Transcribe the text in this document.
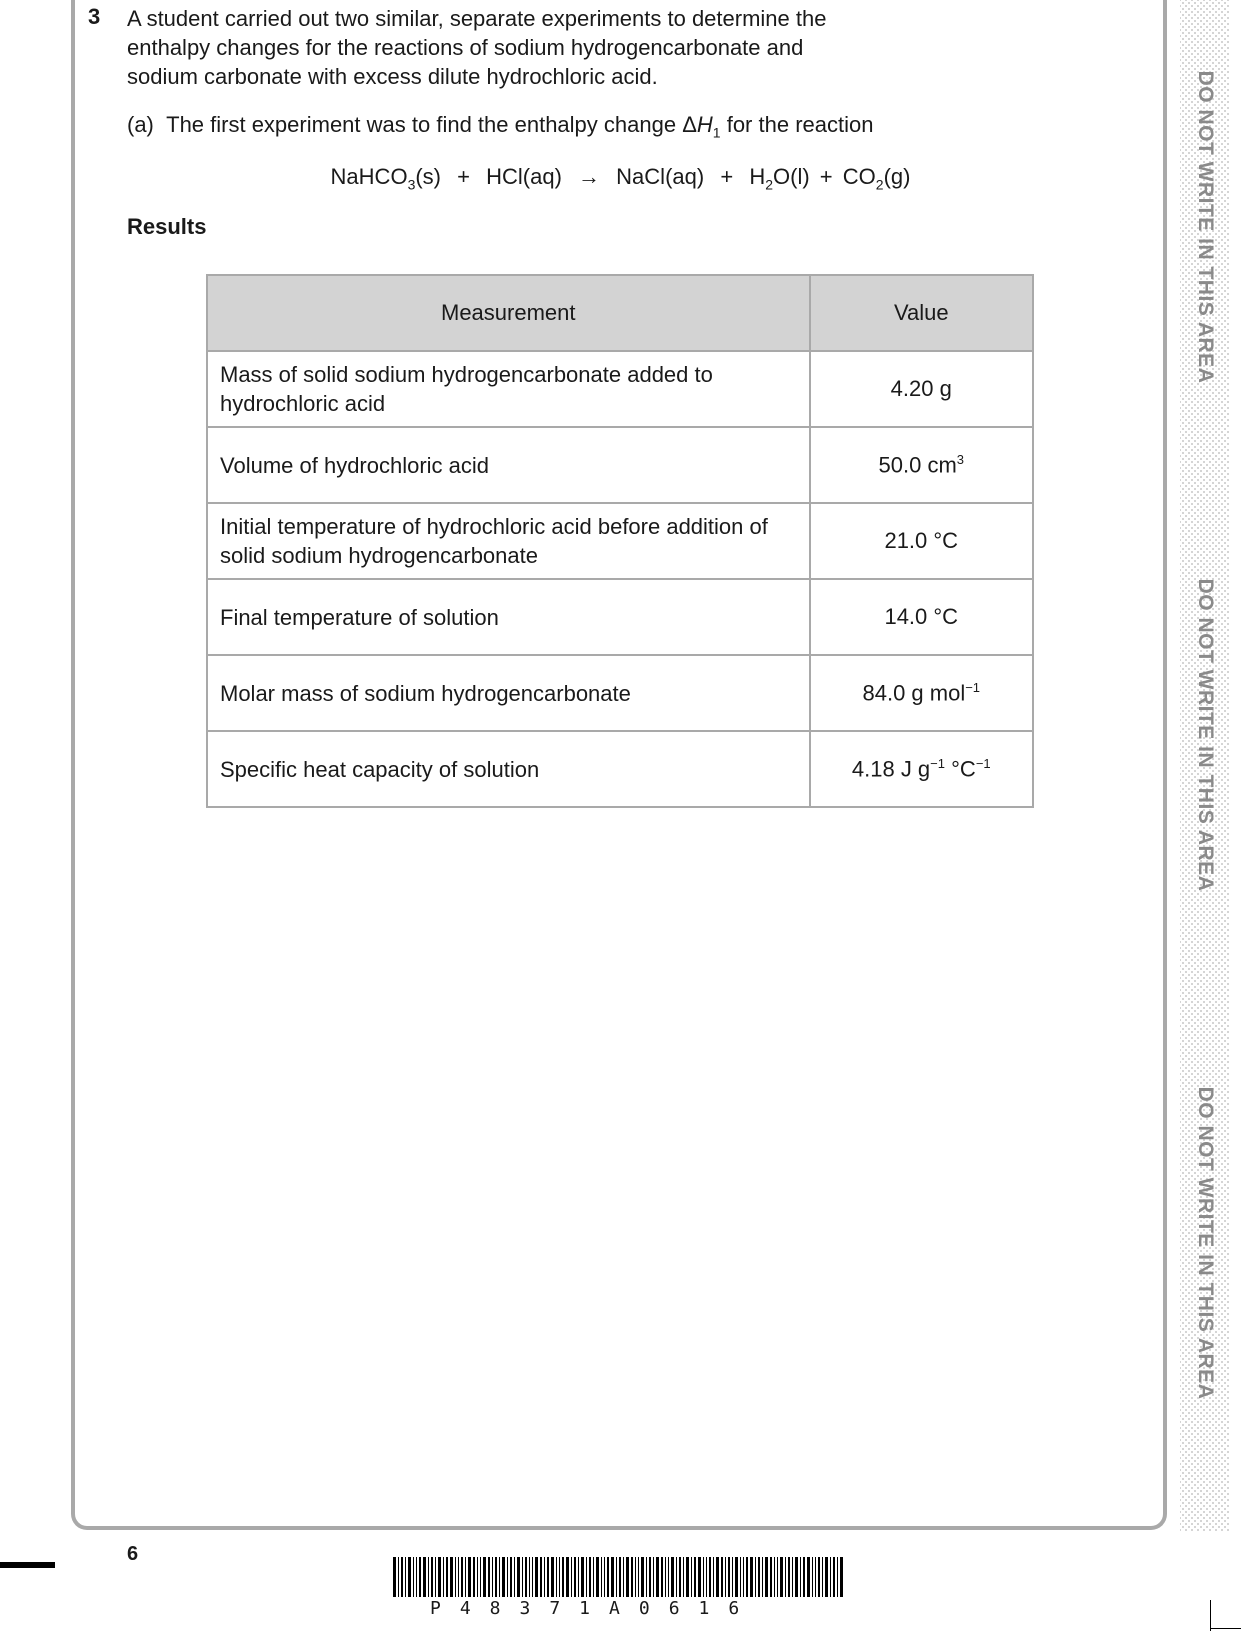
3 A student carried out two similar, separate experiments to determine the

enthalpy changes for the reactions of sodium hydrogencarbonate and

sodium carbonate with excess dilute hydrochloric acid.

(a) The first experiment was to find the enthalpy change $\Delta H_1$ for the reaction
NaHCO$_3$(s) + HCl(aq) → NaCl(aq) + $H_2O(l) + CO_2(g)$
Results
Measurement	Value
Mass of solid sodium hydrogencarbonate added to hydrochloric acid	4.20 g
Volume of hydrochloric acid	50.0 $cm^3$
Initial temperature of hydrochloric acid before addition of solid sodium hydrogencarbonate	21.0 °C
Final temperature of solution	14.0 °C
Molar mass of sodium hydrogencarbonate	84.0 g mol$^{-1}$
Specific heat capacity of solution	4.18 J $g^{-1}$ $^\circ C^{-1}$
DO NOT WRITE IN THIS AREA
DO NOT WRITE IN THIS AREA
DO NOT WRITE IN THIS AREA
6
P48371A0616
